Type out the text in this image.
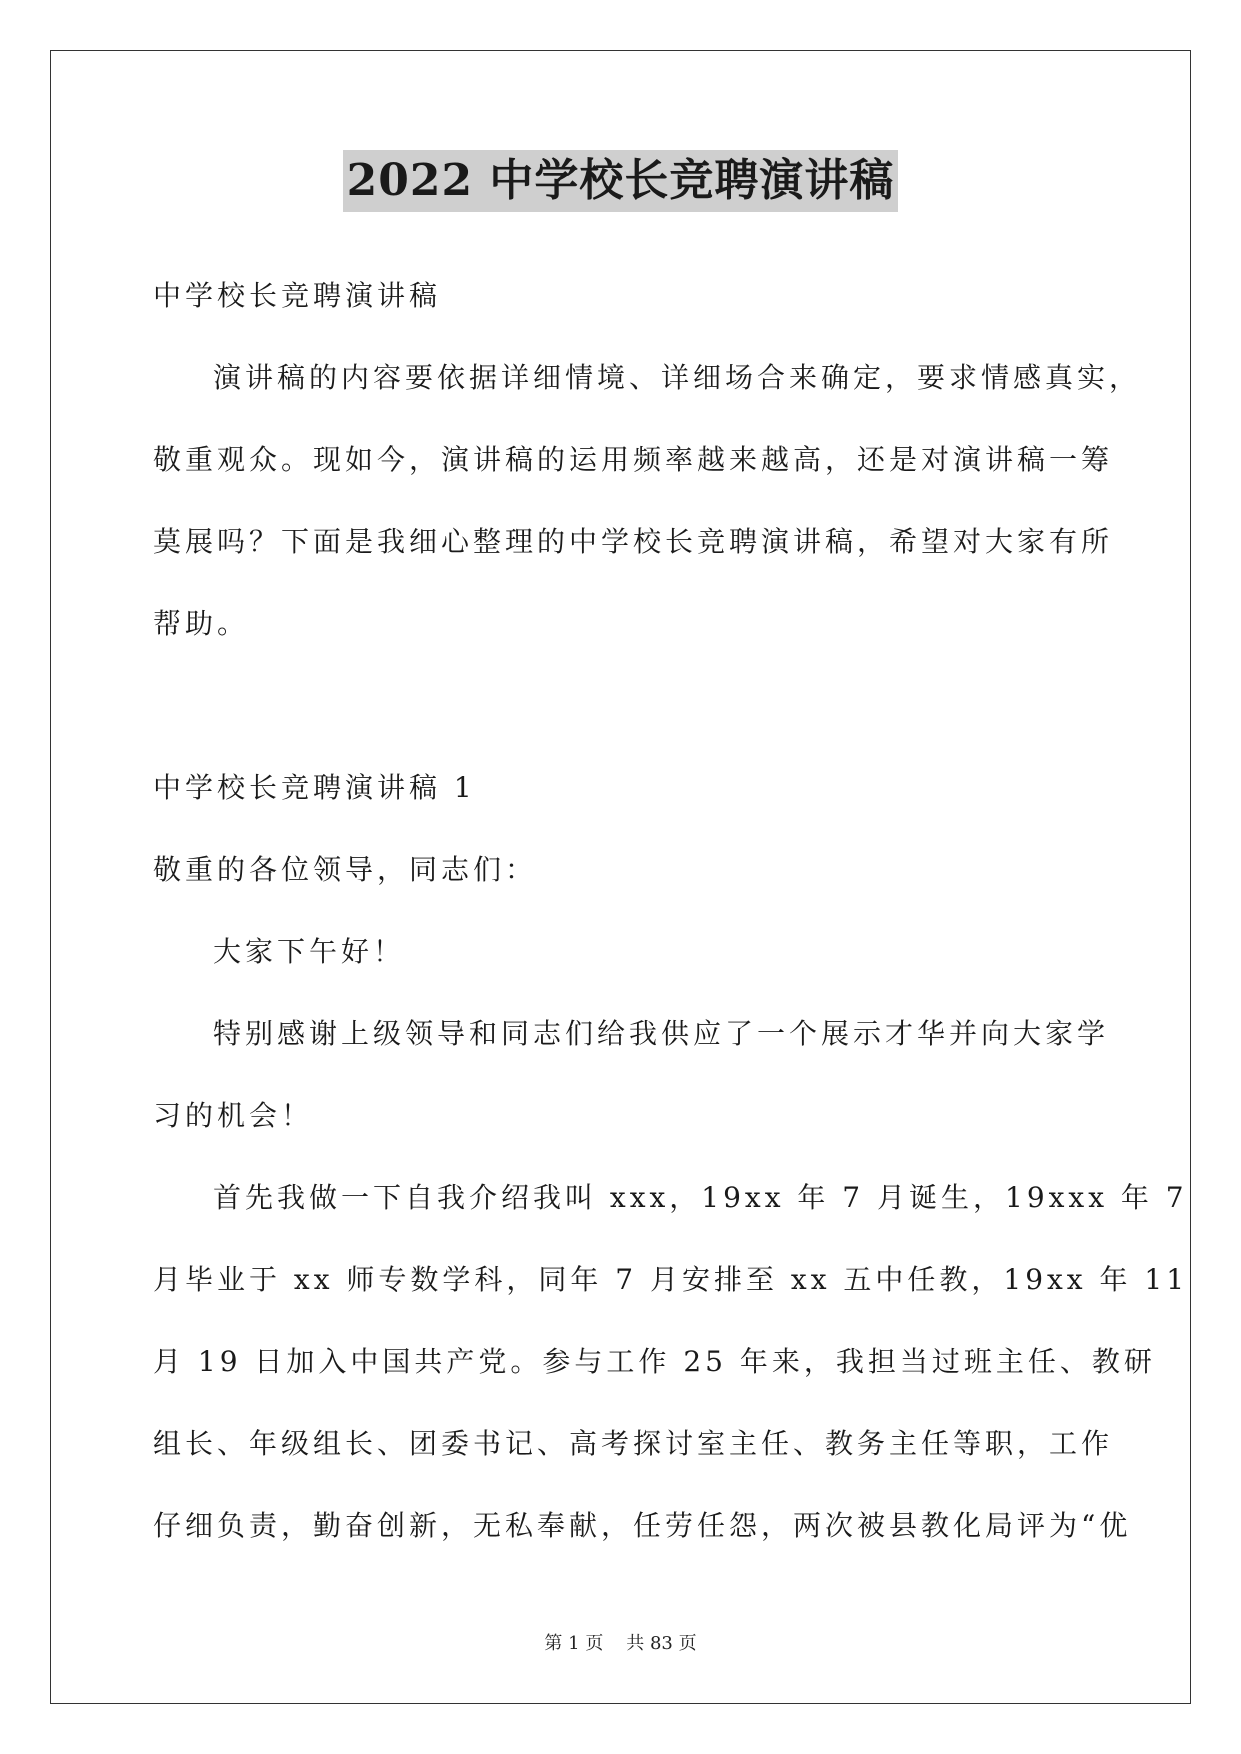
2022 中学校长竞聘演讲稿
中学校长竞聘演讲稿
演讲稿的内容要依据详细情境、详细场合来确定，要求情感真实，
敬重观众。现如今，演讲稿的运用频率越来越高，还是对演讲稿一筹
莫展吗？下面是我细心整理的中学校长竞聘演讲稿，希望对大家有所
帮助。
中学校长竞聘演讲稿 1
敬重的各位领导，同志们：
大家下午好！
特别感谢上级领导和同志们给我供应了一个展示才华并向大家学
习的机会！
首先我做一下自我介绍我叫 xxx，19xx 年 7 月诞生，19xxx 年 7
月毕业于 xx 师专数学科，同年 7 月安排至 xx 五中任教，19xx 年 11
月 19 日加入中国共产党。参与工作 25 年来，我担当过班主任、教研
组长、年级组长、团委书记、高考探讨室主任、教务主任等职，工作
仔细负责，勤奋创新，无私奉献，任劳任怨，两次被县教化局评为“优
第 1 页 共 83 页
